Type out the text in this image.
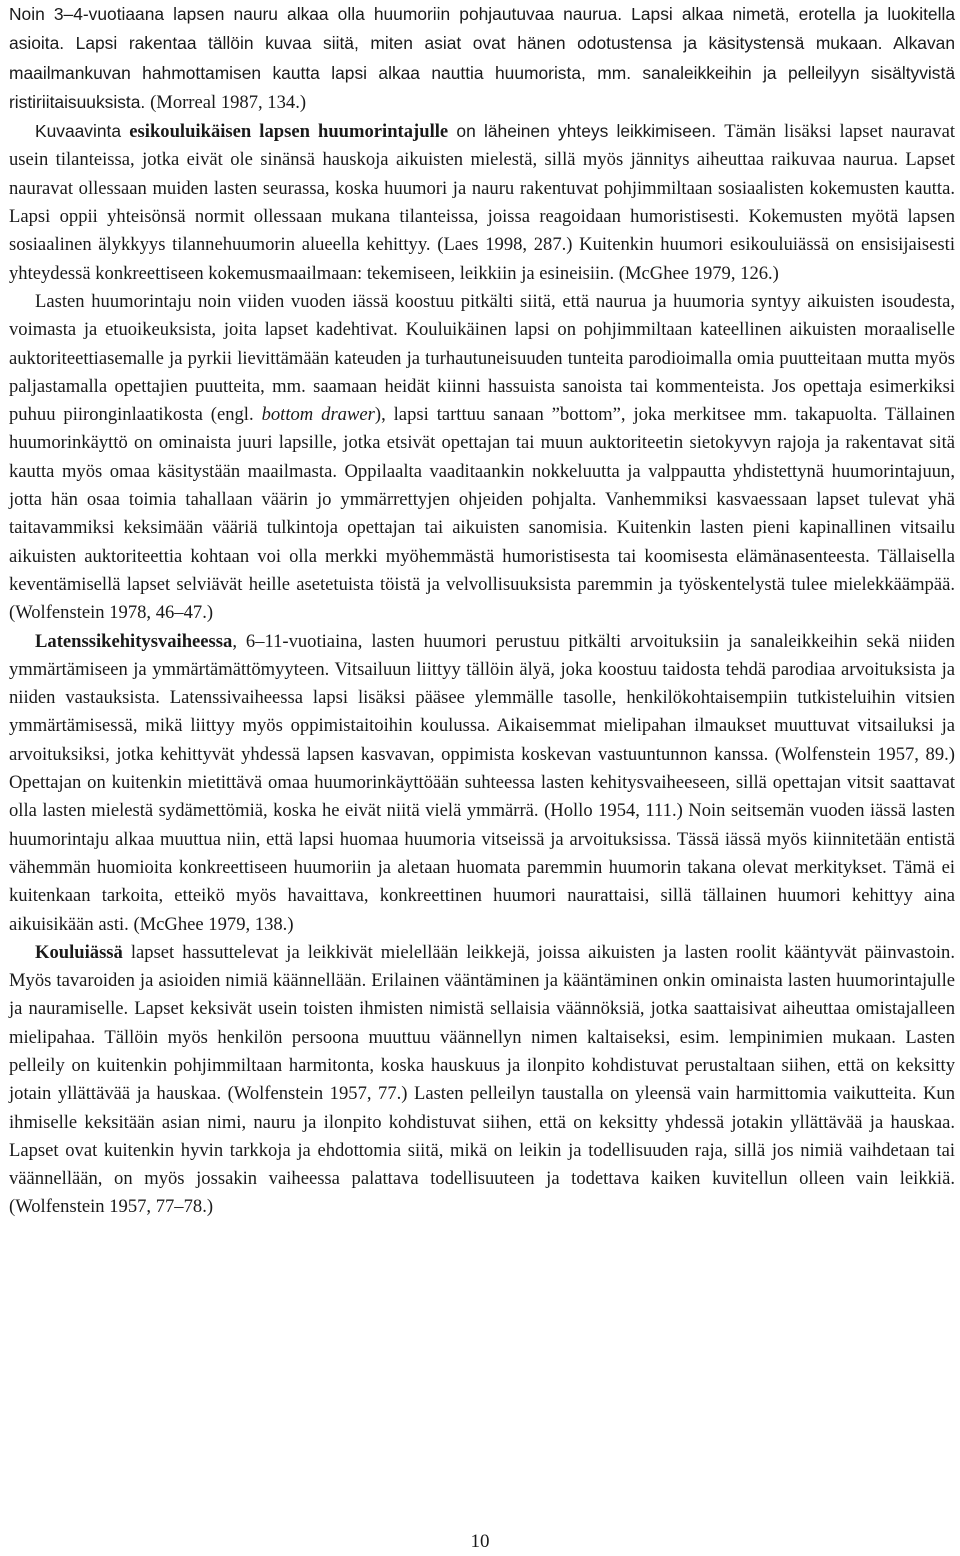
Noin 3–4-vuotiaana lapsen nauru alkaa olla huumoriin pohjautuvaa naurua. Lapsi alkaa nimetä, erotella ja luokitella asioita. Lapsi rakentaa tällöin kuvaa siitä, miten asiat ovat hänen odotustensa ja käsitystensä mukaan. Alkavan maailmankuvan hahmottamisen kautta lapsi alkaa nauttia huumorista, mm. sanaleikkeihin ja pelleilyyn sisältyvistä ristiriitaisuuksista. (Morreal 1987, 134.)

Kuvaavinta esikouluikäisen lapsen huumorintajulle on läheinen yhteys leikkimiseen. Tämän lisäksi lapset nauravat usein tilanteissa, jotka eivät ole sinänsä hauskoja aikuisten mielestä, sillä myös jännitys aiheuttaa raikuvaa naurua. Lapset nauravat ollessaan muiden lasten seurassa, koska huumori ja nauru rakentuvat pohjimmiltaan sosiaalisten kokemusten kautta. Lapsi oppii yhteisönsä normit ollessaan mukana tilanteissa, joissa reagoidaan humoristisesti. Kokemusten myötä lapsen sosiaalinen älykkyys tilannehuumorin alueella kehittyy. (Laes 1998, 287.) Kuitenkin huumori esikouluiässä on ensisijaisesti yhteydessä konkreettiseen kokemusmaailmaan: tekemiseen, leikkiin ja esineisiin. (McGhee 1979, 126.)

Lasten huumorintaju noin viiden vuoden iässä koostuu pitkälti siitä, että naurua ja huumoria syntyy aikuisten isoudesta, voimasta ja etuoikeuksista, joita lapset kadehtivat. Kouluikäinen lapsi on pohjimmiltaan kateellinen aikuisten moraaliselle auktoriteettiasemalle ja pyrkii lievittämään kateuden ja turhautuneisuuden tunteita parodioimalla omia puutteitaan mutta myös paljastamalla opettajien puutteita, mm. saamaan heidät kiinni hassuista sanoista tai kommenteista. Jos opettaja esimerkiksi puhuu piironginlaatikosta (engl. bottom drawer), lapsi tarttuu sanaan ”bottom”, joka merkitsee mm. takapuolta. Tällainen huumorinkäyttö on ominaista juuri lapsille, jotka etsivät opettajan tai muun auktoriteetin sietokyvyn rajoja ja rakentavat sitä kautta myös omaa käsitystään maailmasta. Oppilaalta vaaditaankin nokkeluutta ja valppautta yhdistettynä huumorintajuun, jotta hän osaa toimia tahallaan väärin jo ymmärrettyjen ohjeiden pohjalta. Vanhemmiksi kasvaessaan lapset tulevat yhä taitavammiksi keksimään vääriä tulkintoja opettajan tai aikuisten sanomisia. Kuitenkin lasten pieni kapinallinen vitsailu aikuisten auktoriteettia kohtaan voi olla merkki myöhemmästä humoristisesta tai koomisesta elämänasenteesta. Tällaisella keventämisellä lapset selviävät heille asetetuista töistä ja velvollisuuksista paremmin ja työskentelystä tulee mielekkäämpää. (Wolfenstein 1978, 46–47.)

Latenssikehitysvaiheessa, 6–11-vuotiaina, lasten huumori perustuu pitkälti arvoituksiin ja sanaleikkeihin sekä niiden ymmärtämiseen ja ymmärtämättömyyteen. Vitsailuun liittyy tällöin älyä, joka koostuu taidosta tehdä parodiaa arvoituksista ja niiden vastauksista. Latenssivaiheessa lapsi lisäksi pääsee ylemmälle tasolle, henkilökohtaisempiin tutkisteluihin vitsien ymmärtämisessä, mikä liittyy myös oppimistaitoihin koulussa. Aikaisemmat mielipahan ilmaukset muuttuvat vitsailuksi ja arvoituksiksi, jotka kehittyvät yhdessä lapsen kasvavan, oppimista koskevan vastuuntunnon kanssa. (Wolfenstein 1957, 89.) Opettajan on kuitenkin mietittävä omaa huumorinkäyttöään suhteessa lasten kehitysvaiheeseen, sillä opettajan vitsit saattavat olla lasten mielestä sydämettömiä, koska he eivät niitä vielä ymmärrä. (Hollo 1954, 111.) Noin seitsemän vuoden iässä lasten huumorintaju alkaa muuttua niin, että lapsi huomaa huumoria vitseissä ja arvoituksissa. Tässä iässä myös kiinnitetään entistä vähemmän huomioita konkreettiseen huumoriin ja aletaan huomata paremmin huumorin takana olevat merkitykset. Tämä ei kuitenkaan tarkoita, etteikö myös havaittava, konkreettinen huumori naurattaisi, sillä tällainen huumori kehittyy aina aikuisikään asti. (McGhee 1979, 138.)

Kouluiässä lapset hassuttelevat ja leikkivät mielellään leikkejä, joissa aikuisten ja lasten roolit kääntyvät päinvastoin. Myös tavaroiden ja asioiden nimiä käännellään. Erilainen vääntäminen ja kääntäminen onkin ominaista lasten huumorintajulle ja nauramiselle. Lapset keksivät usein toisten ihmisten nimistä sellaisia väännöksiä, jotka saattaisivat aiheuttaa omistajalleen mielipahaa. Tällöin myös henkilön persoona muuttuu väännellyn nimen kaltaiseksi, esim. lempinimien mukaan. Lasten pelleily on kuitenkin pohjimmiltaan harmitonta, koska hauskuus ja ilonpito kohdistuvat perustaltaan siihen, että on keksitty jotain yllättävää ja hauskaa. (Wolfenstein 1957, 77.) Lasten pelleilyn taustalla on yleensä vain harmittomia vaikutteita. Kun ihmiselle keksitään asian nimi, nauru ja ilonpito kohdistuvat siihen, että on keksitty yhdessä jotakin yllättävää ja hauskaa. Lapset ovat kuitenkin hyvin tarkkoja ja ehdottomia siitä, mikä on leikin ja todellisuuden raja, sillä jos nimiä vaihdetaan tai väännellään, on myös jossakin vaiheessa palattava todellisuuteen ja todettava kaiken kuvitellun olleen vain leikkiä. (Wolfenstein 1957, 77–78.)

10
